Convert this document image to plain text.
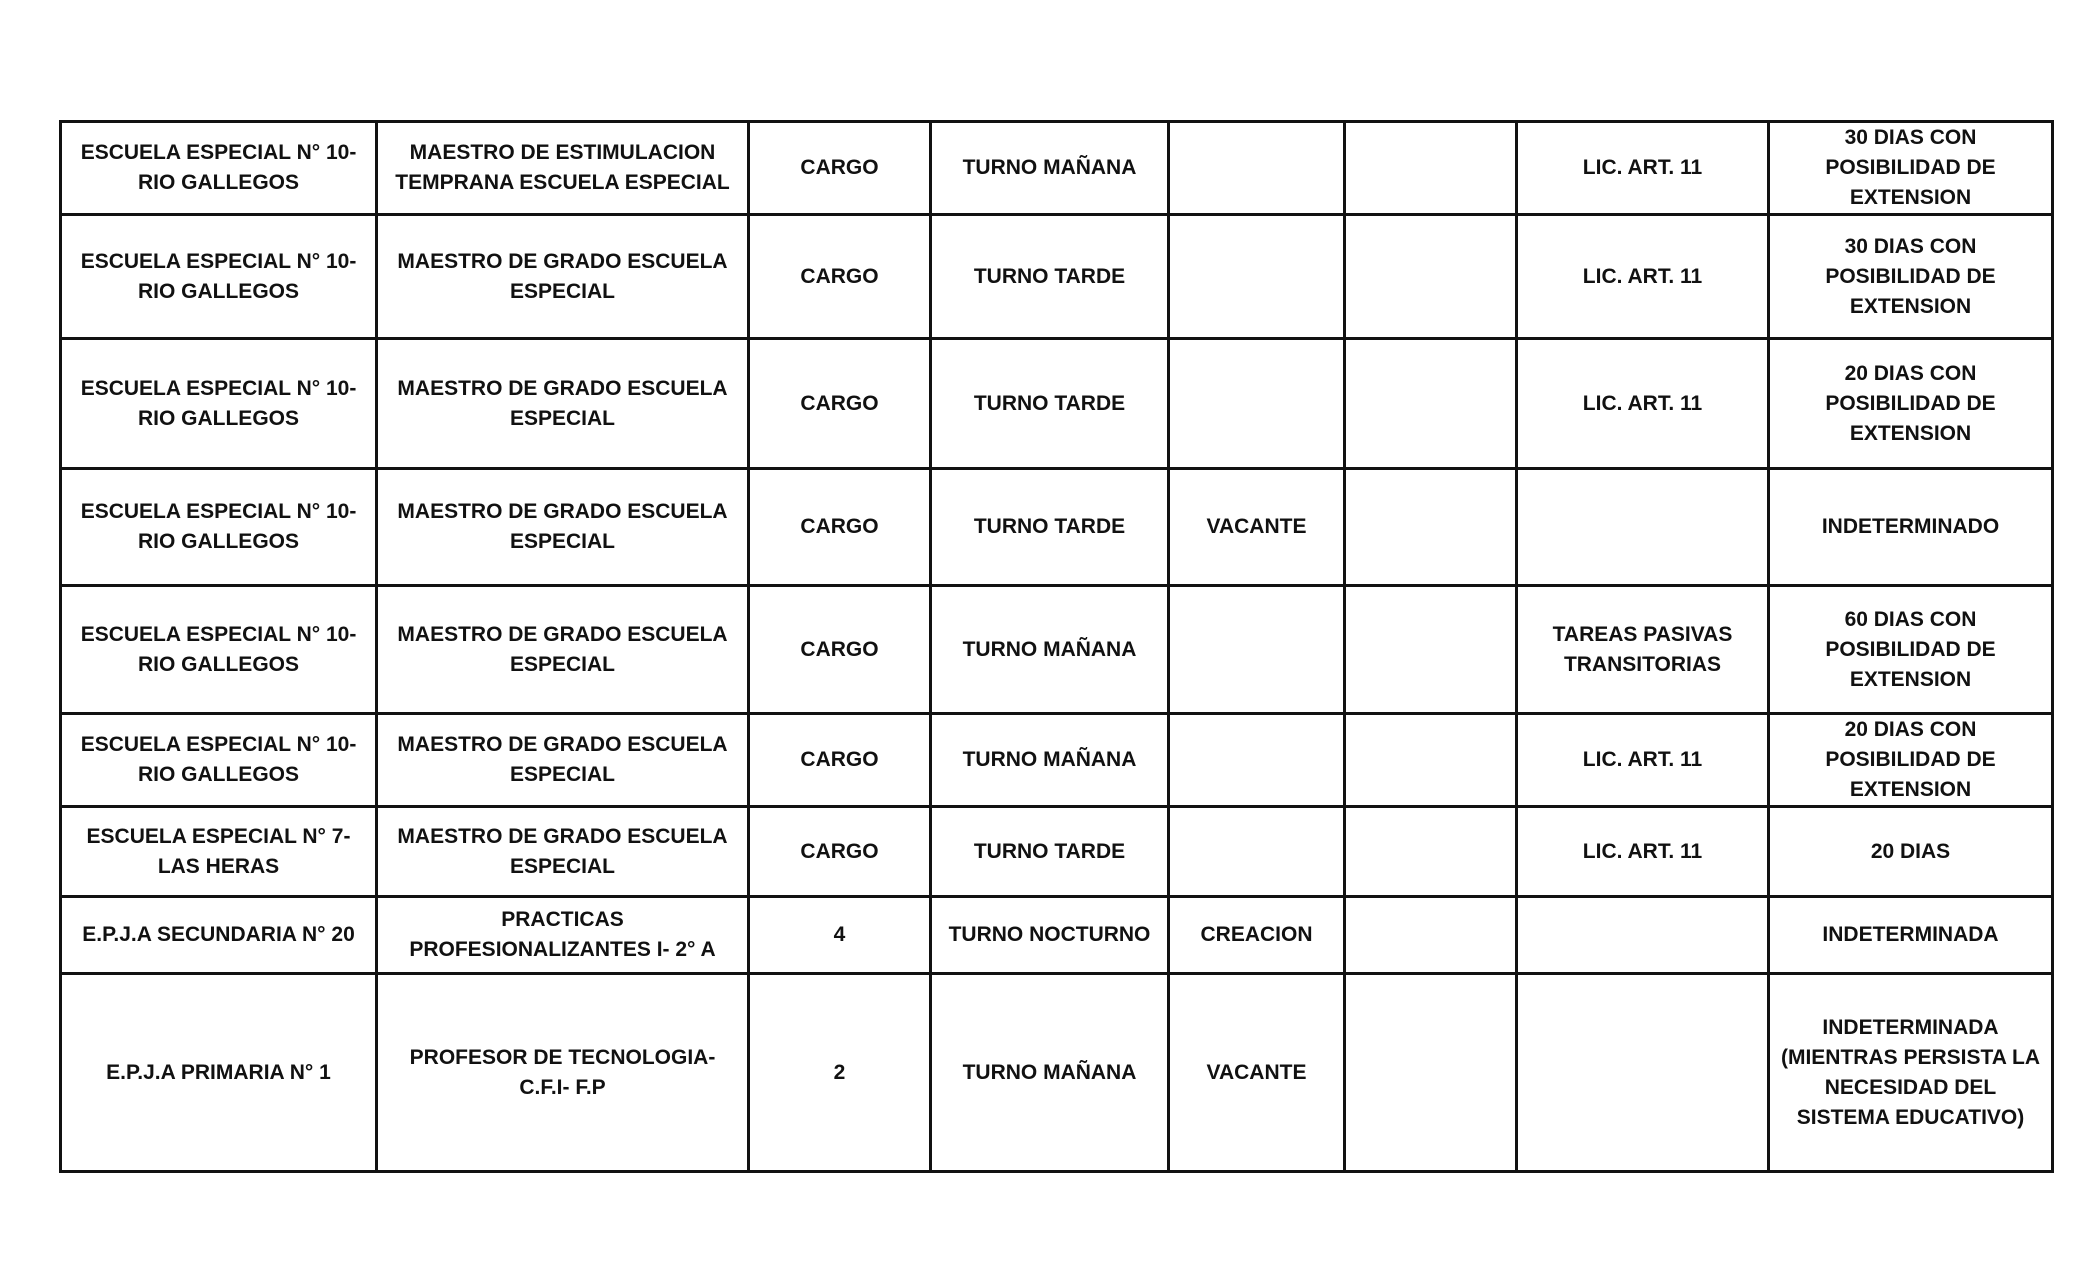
ESCUELA ESPECIAL N° 10- RIO GALLEGOS	MAESTRO DE ESTIMULACION TEMPRANA ESCUELA ESPECIAL	CARGO	TURNO MAÑANA			LIC. ART. 11	30 DIAS CON POSIBILIDAD DE EXTENSION
ESCUELA ESPECIAL N° 10- RIO GALLEGOS	MAESTRO DE GRADO ESCUELA ESPECIAL	CARGO	TURNO TARDE			LIC. ART. 11	30 DIAS CON POSIBILIDAD DE EXTENSION
ESCUELA ESPECIAL N° 10- RIO GALLEGOS	MAESTRO DE GRADO ESCUELA ESPECIAL	CARGO	TURNO TARDE			LIC. ART. 11	20 DIAS CON POSIBILIDAD DE EXTENSION
ESCUELA ESPECIAL N° 10- RIO GALLEGOS	MAESTRO DE GRADO ESCUELA ESPECIAL	CARGO	TURNO TARDE	VACANTE			INDETERMINADO
ESCUELA ESPECIAL N° 10- RIO GALLEGOS	MAESTRO DE GRADO ESCUELA ESPECIAL	CARGO	TURNO MAÑANA			TAREAS PASIVAS TRANSITORIAS	60 DIAS CON POSIBILIDAD DE EXTENSION
ESCUELA ESPECIAL N° 10- RIO GALLEGOS	MAESTRO DE GRADO ESCUELA ESPECIAL	CARGO	TURNO MAÑANA			LIC. ART. 11	20 DIAS CON POSIBILIDAD DE EXTENSION
ESCUELA ESPECIAL N° 7- LAS HERAS	MAESTRO DE GRADO ESCUELA ESPECIAL	CARGO	TURNO TARDE			LIC. ART. 11	20 DIAS
E.P.J.A SECUNDARIA N° 20	PRACTICAS PROFESIONALIZANTES I- 2° A	4	TURNO NOCTURNO	CREACION			INDETERMINADA
E.P.J.A PRIMARIA N° 1	PROFESOR DE TECNOLOGIA- C.F.I- F.P	2	TURNO MAÑANA	VACANTE			INDETERMINADA (MIENTRAS PERSISTA LA NECESIDAD DEL SISTEMA EDUCATIVO)
